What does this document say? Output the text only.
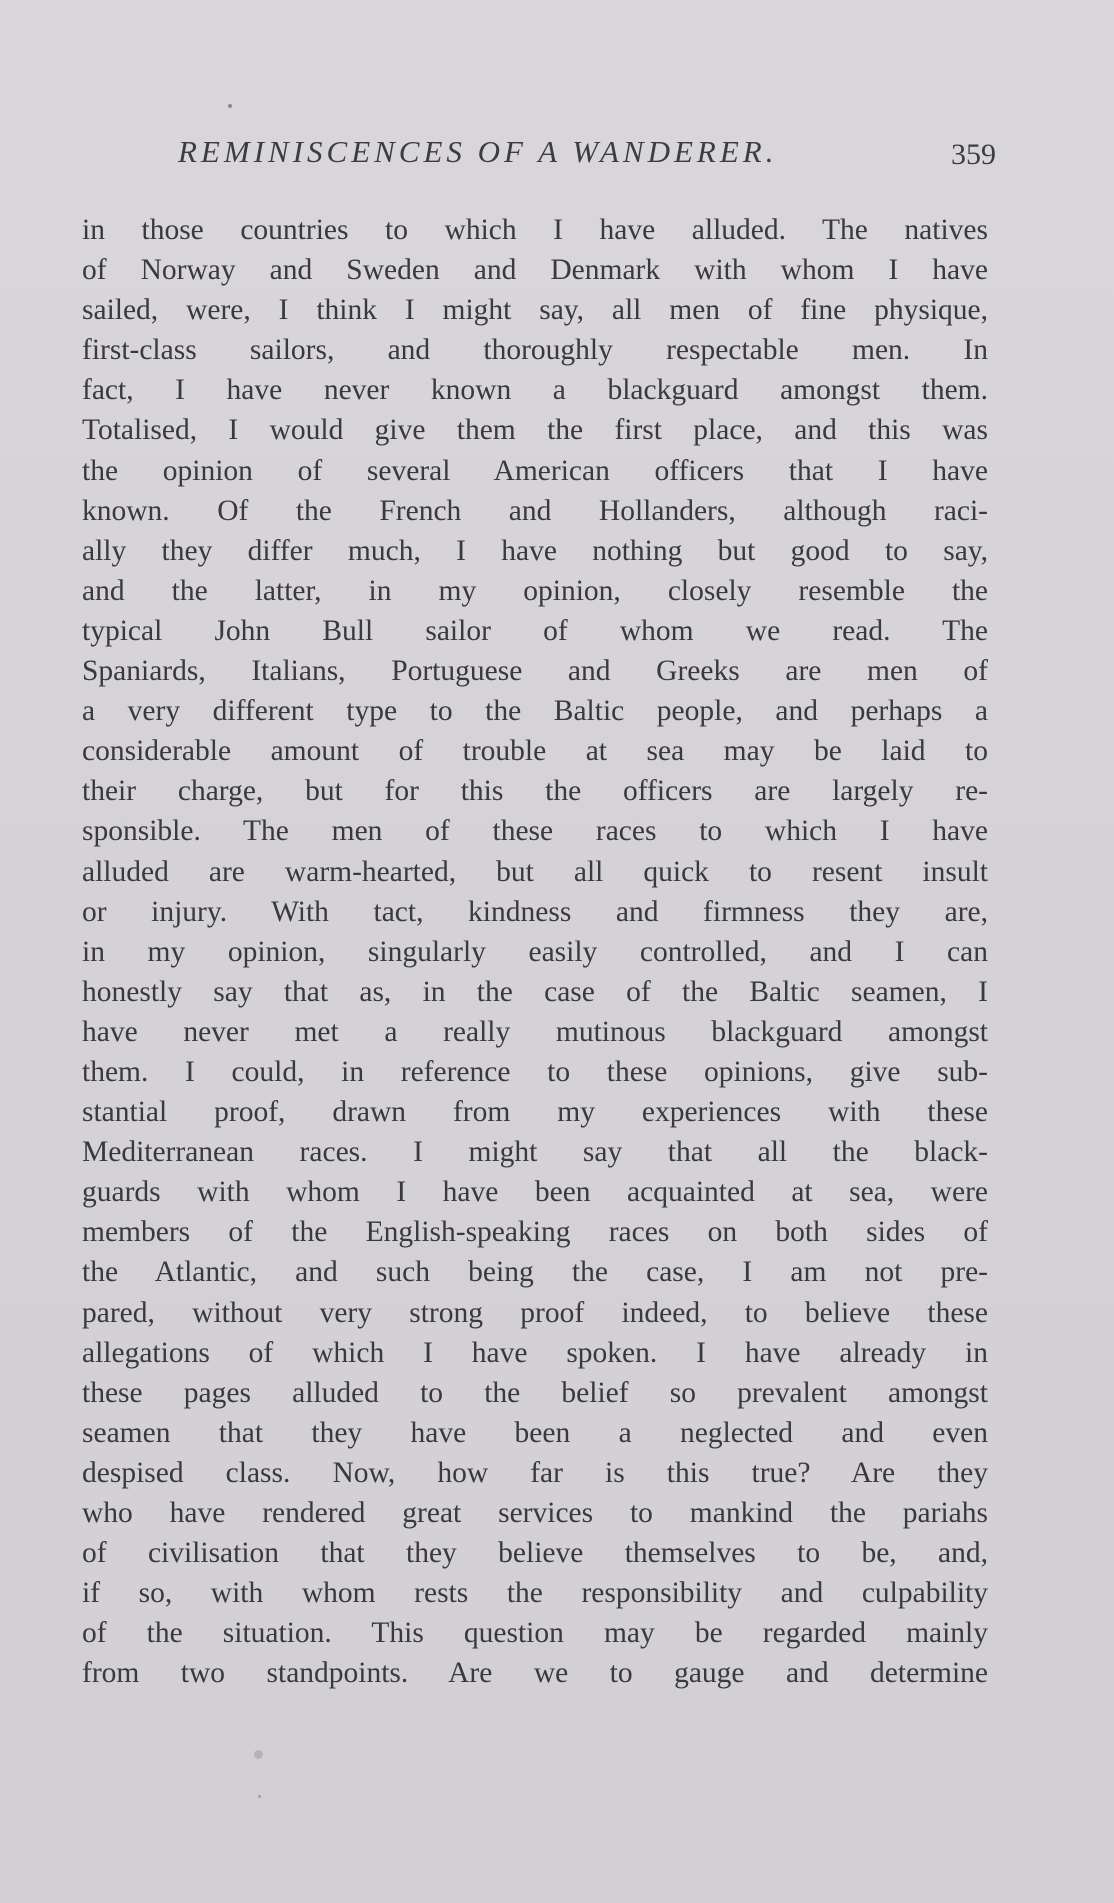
REMINISCENCES OF A WANDERER.	359
in those countries to which I have alluded. The natives
of Norway and Sweden and Denmark with whom I have
sailed, were, I think I might say, all men of fine physique,
first-class sailors, and thoroughly respectable men. In
fact, I have never known a blackguard amongst them.
Totalised, I would give them the first place, and this was
the opinion of several American officers that I have
known. Of the French and Hollanders, although raci-
ally they differ much, I have nothing but good to say,
and the latter, in my opinion, closely resemble the
typical John Bull sailor of whom we read. The
Spaniards, Italians, Portuguese and Greeks are men of
a very different type to the Baltic people, and perhaps a
considerable amount of trouble at sea may be laid to
their charge, but for this the officers are largely re-
sponsible. The men of these races to which I have
alluded are warm-hearted, but all quick to resent insult
or injury. With tact, kindness and firmness they are,
in my opinion, singularly easily controlled, and I can
honestly say that as, in the case of the Baltic seamen, I
have never met a really mutinous blackguard amongst
them. I could, in reference to these opinions, give sub-
stantial proof, drawn from my experiences with these
Mediterranean races. I might say that all the black-
guards with whom I have been acquainted at sea, were
members of the English-speaking races on both sides of
the Atlantic, and such being the case, I am not pre-
pared, without very strong proof indeed, to believe these
allegations of which I have spoken. I have already in
these pages alluded to the belief so prevalent amongst
seamen that they have been a neglected and even
despised class. Now, how far is this true? Are they
who have rendered great services to mankind the pariahs
of civilisation that they believe themselves to be, and,
if so, with whom rests the responsibility and culpability
of the situation. This question may be regarded mainly
from two standpoints. Are we to gauge and determine
